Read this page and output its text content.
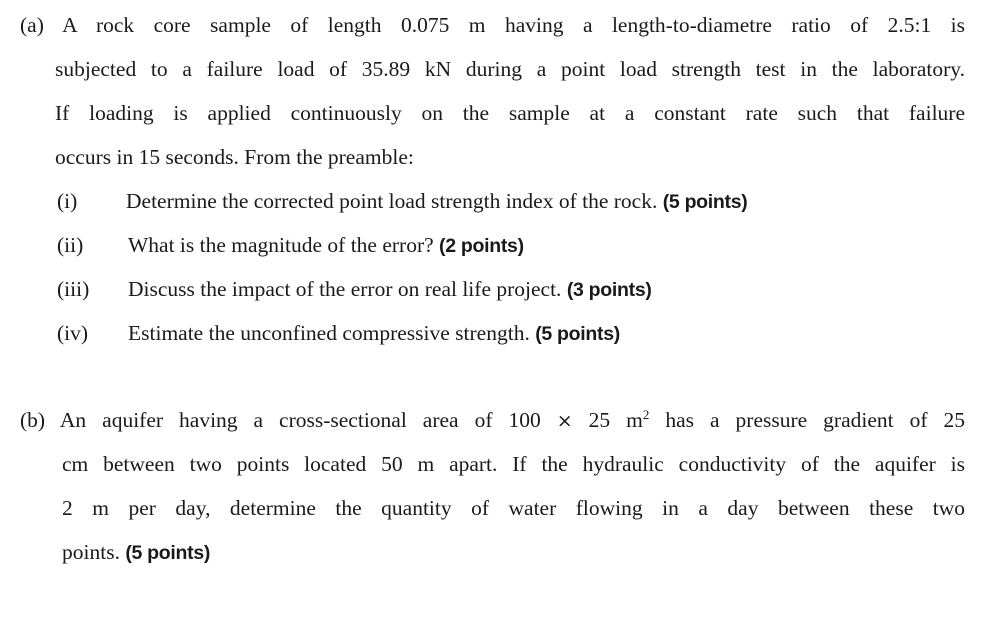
(a) A rock core sample of length 0.075 m having a length-to-diametre ratio of 2.5:1 is
subjected to a failure load of 35.89 kN during a point load strength test in the laboratory.
If loading is applied continuously on the sample at a constant rate such that failure
occurs in 15 seconds. From the preamble:
(i) Determine the corrected point load strength index of the rock. (5 points)
(ii) What is the magnitude of the error? (2 points)
(iii) Discuss the impact of the error on real life project. (3 points)
(iv) Estimate the unconfined compressive strength. (5 points)
(b) An aquifer having a cross-sectional area of 100 × 25 $m^2$ has a pressure gradient of 25
cm between two points located 50 m apart. If the hydraulic conductivity of the aquifer is
2 m per day, determine the quantity of water flowing in a day between these two
points. (5 points)
